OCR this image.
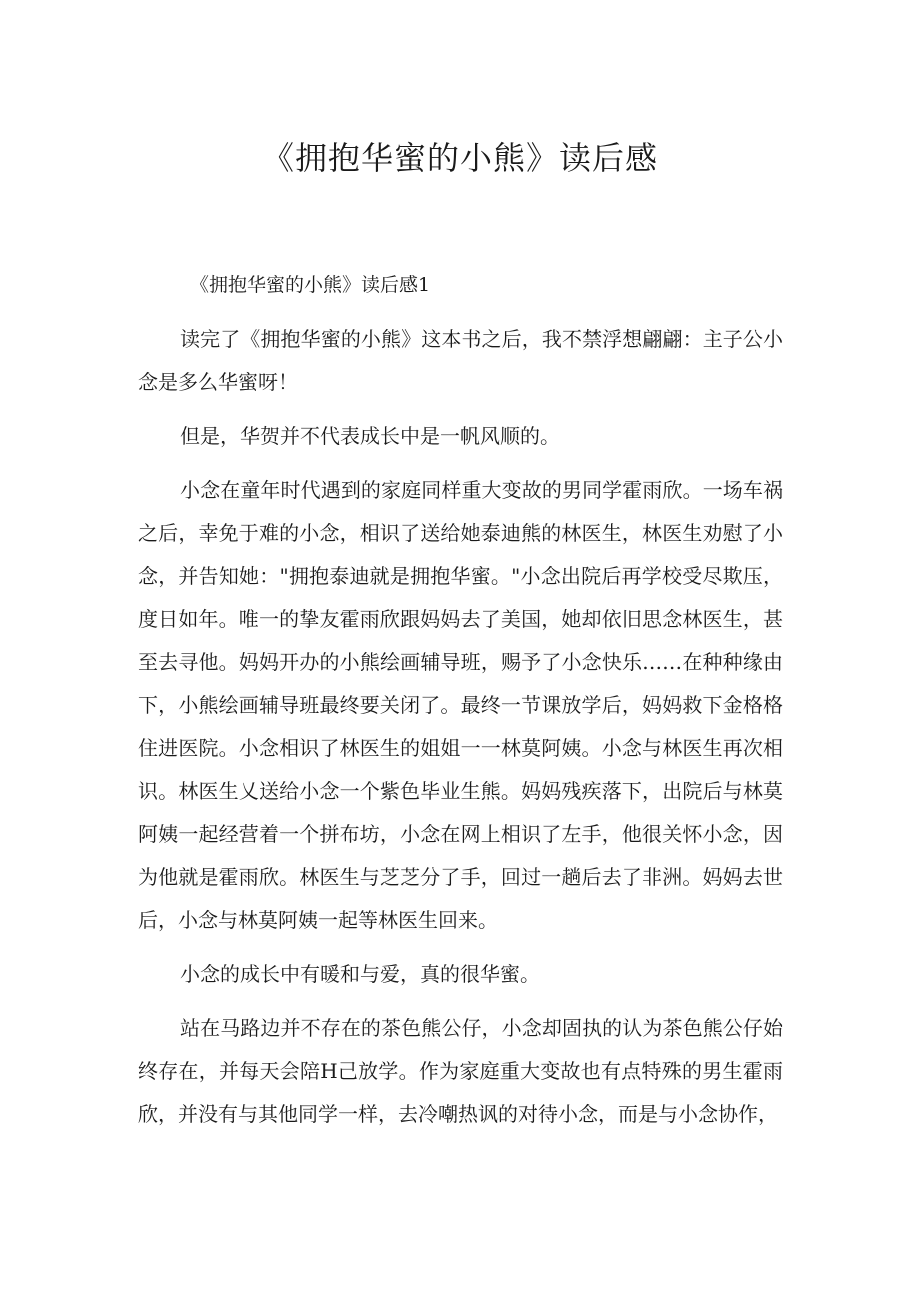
《拥抱华蜜的小熊》读后感

《拥抱华蜜的小熊》读后感1

读完了《拥抱华蜜的小熊》这本书之后，我不禁浮想翩翩：主子公小念是多么华蜜呀！

但是，华贺并不代表成长中是一帆风顺的。

小念在童年时代遇到的家庭同样重大变故的男同学霍雨欣。一场车祸之后，幸免于难的小念，相识了送给她泰迪熊的林医生，林医生劝慰了小念，并告知她："拥抱泰迪就是拥抱华蜜。"小念出院后再学校受尽欺压，度日如年。唯一的挚友霍雨欣跟妈妈去了美国，她却依旧思念林医生，甚至去寻他。妈妈开办的小熊绘画辅导班，赐予了小念快乐……在种种缘由下，小熊绘画辅导班最终要关闭了。最终一节课放学后，妈妈救下金格格住进医院。小念相识了林医生的姐姐一一林莫阿姨。小念与林医生再次相识。林医生乂送给小念一个紫色毕业生熊。妈妈残疾落下，出院后与林莫阿姨一起经营着一个拼布坊，小念在网上相识了左手，他很关怀小念，因为他就是霍雨欣。林医生与芝芝分了手，回过一趟后去了非洲。妈妈去世后，小念与林莫阿姨一起等林医生回来。

小念的成长中有暖和与爱，真的很华蜜。

站在马路边并不存在的茶色熊公仔，小念却固执的认为茶色熊公仔始终存在，并每天会陪H己放学。作为家庭重大变故也有点特殊的男生霍雨欣，并没有与其他同学一样，去冷嘲热讽的对待小念，而是与小念协作，
